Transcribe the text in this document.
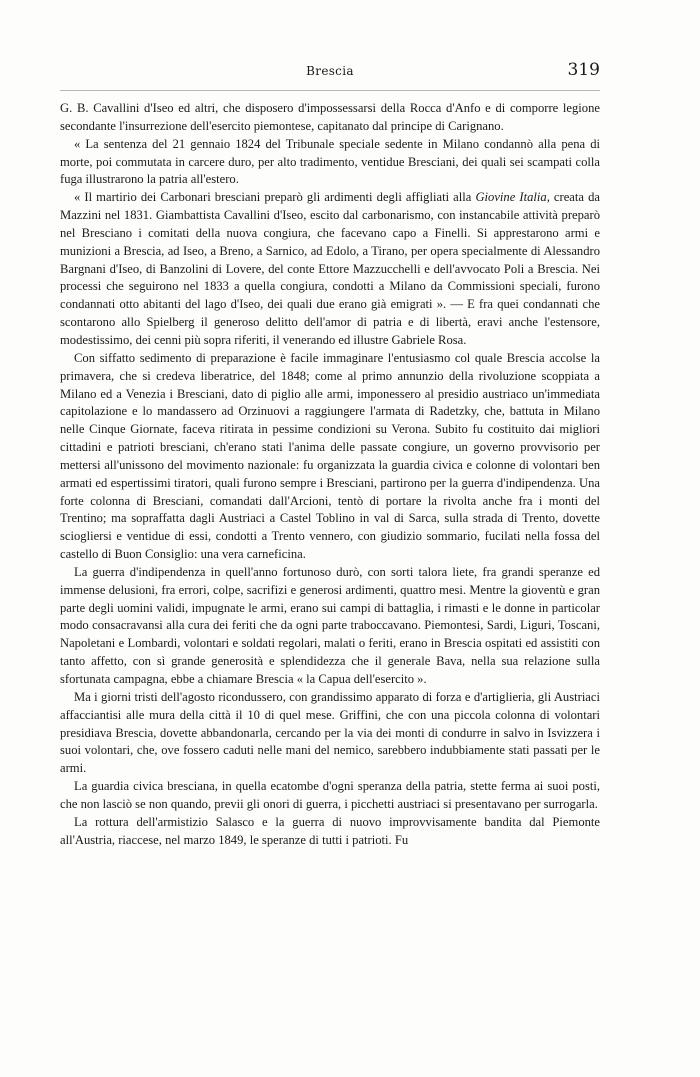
Brescia	319

G. B. Cavallini d'Iseo ed altri, che disposero d'impossessarsi della Rocca d'Anfo e di comporre legione secondante l'insurrezione dell'esercito piemontese, capitanato dal principe di Carignano.

« La sentenza del 21 gennaio 1824 del Tribunale speciale sedente in Milano condannò alla pena di morte, poi commutata in carcere duro, per alto tradimento, ventidue Bresciani, dei quali sei scampati colla fuga illustrarono la patria all'estero.

« Il martirio dei Carbonari bresciani preparò gli ardimenti degli affigliati alla Giovine Italia, creata da Mazzini nel 1831. Giambattista Cavallini d'Iseo, escito dal carbonarismo, con instancabile attività preparò nel Bresciano i comitati della nuova congiura, che facevano capo a Finelli. Si apprestarono armi e munizioni a Brescia, ad Iseo, a Breno, a Sarnico, ad Edolo, a Tirano, per opera specialmente di Alessandro Bargnani d'Iseo, di Banzolini di Lovere, del conte Ettore Mazzucchelli e dell'avvocato Poli a Brescia. Nei processi che seguirono nel 1833 a quella congiura, condotti a Milano da Commissioni speciali, furono condannati otto abitanti del lago d'Iseo, dei quali due erano già emigrati ». — E fra quei condannati che scontarono allo Spielberg il generoso delitto dell'amor di patria e di libertà, eravi anche l'estensore, modestissimo, dei cenni più sopra riferiti, il venerando ed illustre Gabriele Rosa.

Con siffatto sedimento di preparazione è facile immaginare l'entusiasmo col quale Brescia accolse la primavera, che si credeva liberatrice, del 1848; come al primo annunzio della rivoluzione scoppiata a Milano ed a Venezia i Bresciani, dato di piglio alle armi, imponessero al presidio austriaco un'immediata capitolazione e lo mandassero ad Orzinuovi a raggiungere l'armata di Radetzky, che, battuta in Milano nelle Cinque Giornate, faceva ritirata in pessime condizioni su Verona. Subito fu costituito dai migliori cittadini e patrioti bresciani, ch'erano stati l'anima delle passate congiure, un governo provvisorio per mettersi all'unissono del movimento nazionale: fu organizzata la guardia civica e colonne di volontari ben armati ed espertissimi tiratori, quali furono sempre i Bresciani, partirono per la guerra d'indipendenza. Una forte colonna di Bresciani, comandati dall'Arcioni, tentò di portare la rivolta anche fra i monti del Trentino; ma sopraffatta dagli Austriaci a Castel Toblino in val di Sarca, sulla strada di Trento, dovette sciogliersi e ventidue di essi, condotti a Trento vennero, con giudizio sommario, fucilati nella fossa del castello di Buon Consiglio: una vera carneficina.

La guerra d'indipendenza in quell'anno fortunoso durò, con sorti talora liete, fra grandi speranze ed immense delusioni, fra errori, colpe, sacrifizi e generosi ardimenti, quattro mesi. Mentre la gioventù e gran parte degli uomini validi, impugnate le armi, erano sui campi di battaglia, i rimasti e le donne in particolar modo consacravansi alla cura dei feriti che da ogni parte traboccavano. Piemontesi, Sardi, Liguri, Toscani, Napoletani e Lombardi, volontari e soldati regolari, malati o feriti, erano in Brescia ospitati ed assistiti con tanto affetto, con sì grande generosità e splendidezza che il generale Bava, nella sua relazione sulla sfortunata campagna, ebbe a chiamare Brescia « la Capua dell'esercito ».

Ma i giorni tristi dell'agosto ricondussero, con grandissimo apparato di forza e d'artiglieria, gli Austriaci affacciantisi alle mura della città il 10 di quel mese. Griffini, che con una piccola colonna di volontari presidiava Brescia, dovette abbandonarla, cercando per la via dei monti di condurre in salvo in Isvizzera i suoi volontari, che, ove fossero caduti nelle mani del nemico, sarebbero indubbiamente stati passati per le armi.

La guardia civica bresciana, in quella ecatombe d'ogni speranza della patria, stette ferma ai suoi posti, che non lasciò se non quando, previi gli onori di guerra, i picchetti austriaci si presentavano per surrogarla.

La rottura dell'armistizio Salasco e la guerra di nuovo improvvisamente bandita dal Piemonte all'Austria, riaccese, nel marzo 1849, le speranze di tutti i patrioti. Fu
